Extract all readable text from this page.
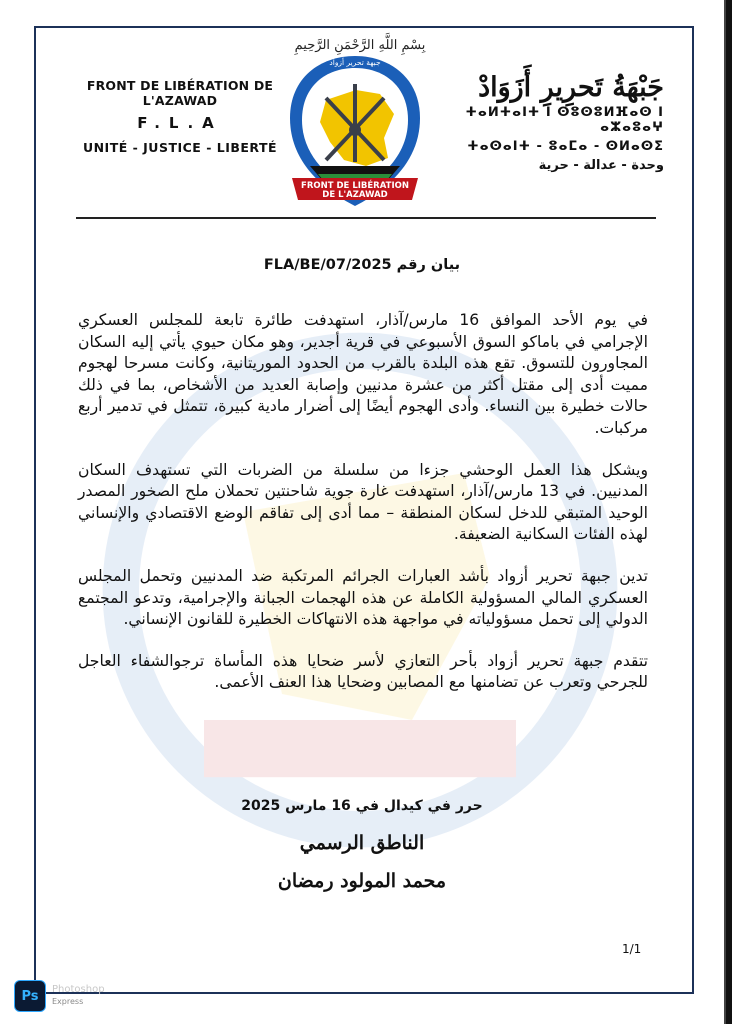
FRONT DE LIBÉRATION DE L'AZAWAD
F.L.A
UNITÉ - JUSTICE - LIBERTÉ
FRONT DE LIBÉRATION
DE L'AZAWAD
جبهة تحرير أزواد
بِسْمِ اللَّهِ الرَّحْمَنِ الرَّحِيمِ
جَبْهَةُ تَحرِيرِ أَزَوَادْ
ⵜⴰⵍⵜⴰⵏⵜ ⵏ ⵙⵓⵙⵓⵍⴼⴰⵙ ⵏ ⴰⵣⴰⵓⴰⵖ
ⵜⴰⵙⴰⵏⵜ - ⵓⴰⵎⴰ - ⵙⵍⴰⵙⵉ
وحدة - عدالة - حرية
بيان رقم 2025/FLA/BE/07

في يوم الأحد الموافق 16 مارس/آذار، استهدفت طائرة تابعة للمجلس العسكري الإجرامي في باماكو السوق الأسبوعي في قرية أجدير، وهو مكان حيوي يأتي إليه السكان المجاورون للتسوق. تقع هذه البلدة بالقرب من الحدود الموريتانية، وكانت مسرحا لهجوم مميت أدى إلى مقتل أكثر من عشرة مدنيين وإصابة العديد من الأشخاص، بما في ذلك حالات خطيرة بين النساء. وأدى الهجوم أيضًا إلى أضرار مادية كبيرة، تتمثل في تدمير أربع مركبات.

ويشكل هذا العمل الوحشي جزءا من سلسلة من الضربات التي تستهدف السكان المدنيين. في 13 مارس/آذار، استهدفت غارة جوية شاحنتين تحملان ملح الصخور المصدر الوحيد المتبقي للدخل لسكان المنطقة – مما أدى إلى تفاقم الوضع الاقتصادي والإنساني لهذه الفئات السكانية الضعيفة.

تدين جبهة تحرير أزواد بأشد العبارات الجرائم المرتكبة ضد المدنيين وتحمل المجلس العسكري المالي المسؤولية الكاملة عن هذه الهجمات الجبانة والإجرامية، وتدعو المجتمع الدولي إلى تحمل مسؤولياته في مواجهة هذه الانتهاكات الخطيرة للقانون الإنساني.

تتقدم جبهة تحرير أزواد بأحر التعازي لأسر ضحايا هذه المأساة ترجوالشفاء العاجل للجرحي وتعرب عن تضامنها مع المصابين وضحايا هذا العنف الأعمى.

حرر في كيدال في 16 مارس 2025
الناطق الرسمي
محمد المولود رمضان
1/1
Ps Photoshop
Express
